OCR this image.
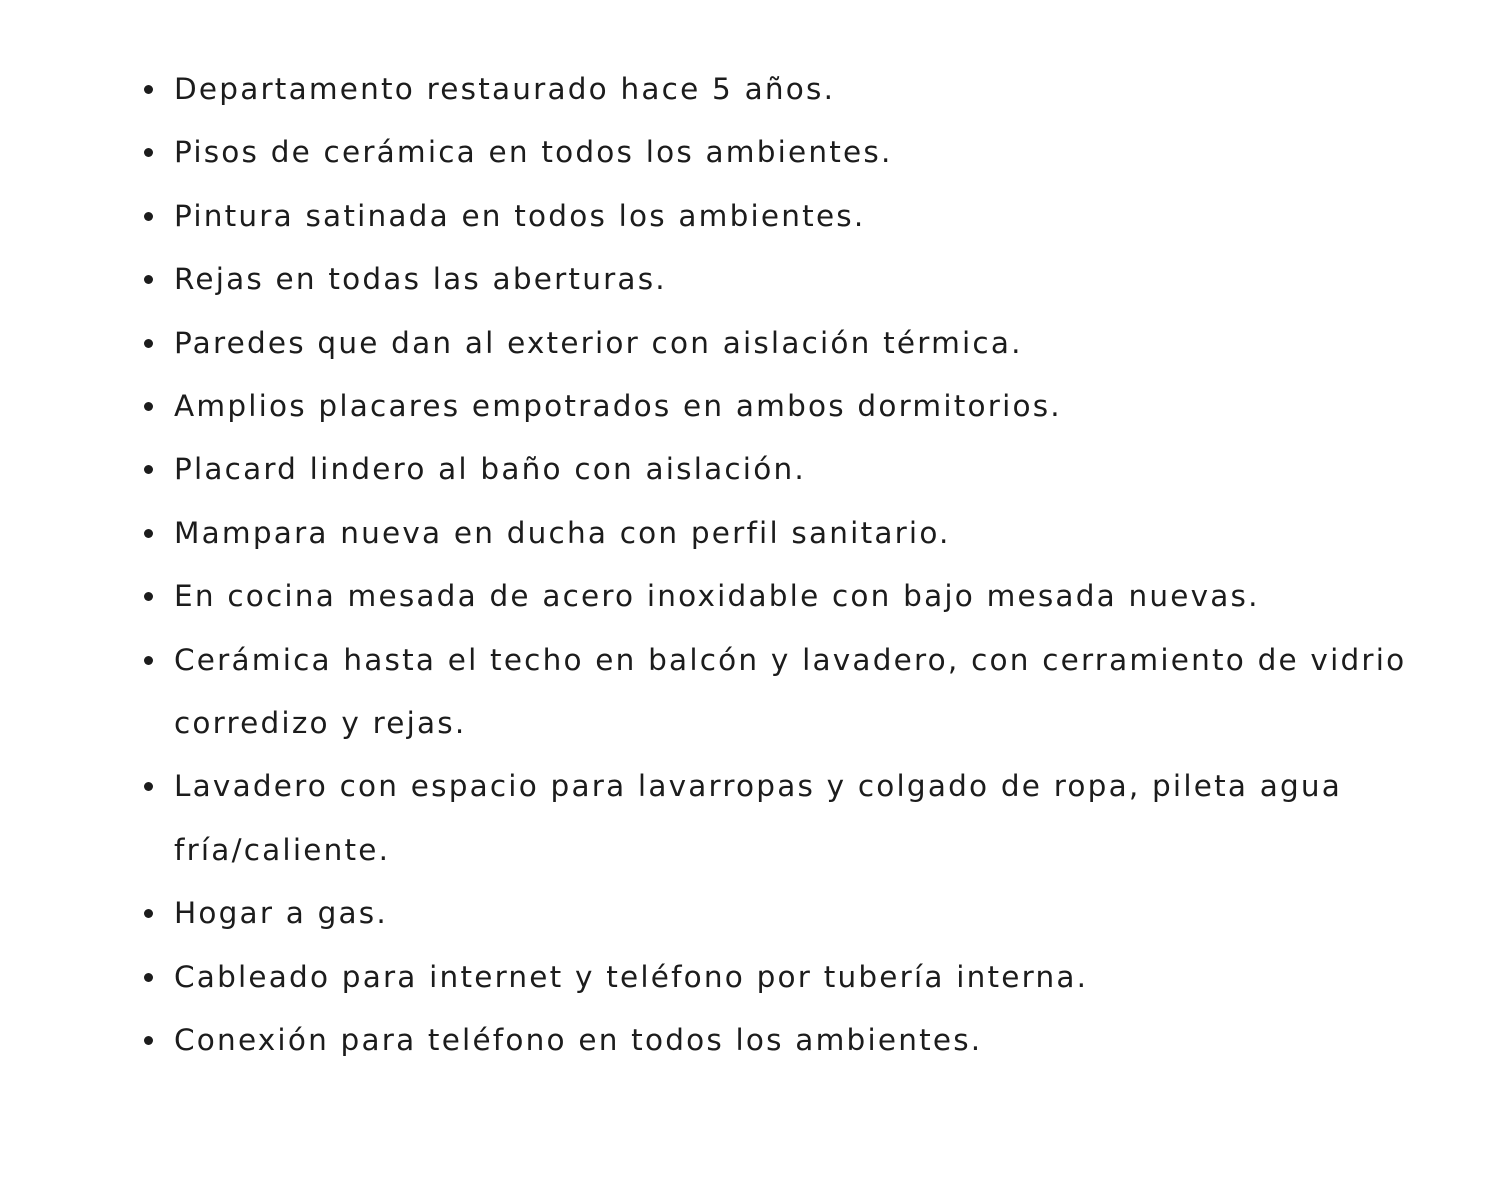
Departamento restaurado hace 5 años.
Pisos de cerámica en todos los ambientes.
Pintura satinada en todos los ambientes.
Rejas en todas las aberturas.
Paredes que dan al exterior con aislación térmica.
Amplios placares empotrados en ambos dormitorios.
Placard lindero al baño con aislación.
Mampara nueva en ducha con perfil sanitario.
En cocina mesada de acero inoxidable con bajo mesada nuevas.
Cerámica hasta el techo en balcón y lavadero, con cerramiento de vidrio corredizo y rejas.
Lavadero con espacio para lavarropas y colgado de ropa, pileta agua fría/caliente.
Hogar a gas.
Cableado para internet y teléfono por tubería interna.
Conexión para teléfono en todos los ambientes.
